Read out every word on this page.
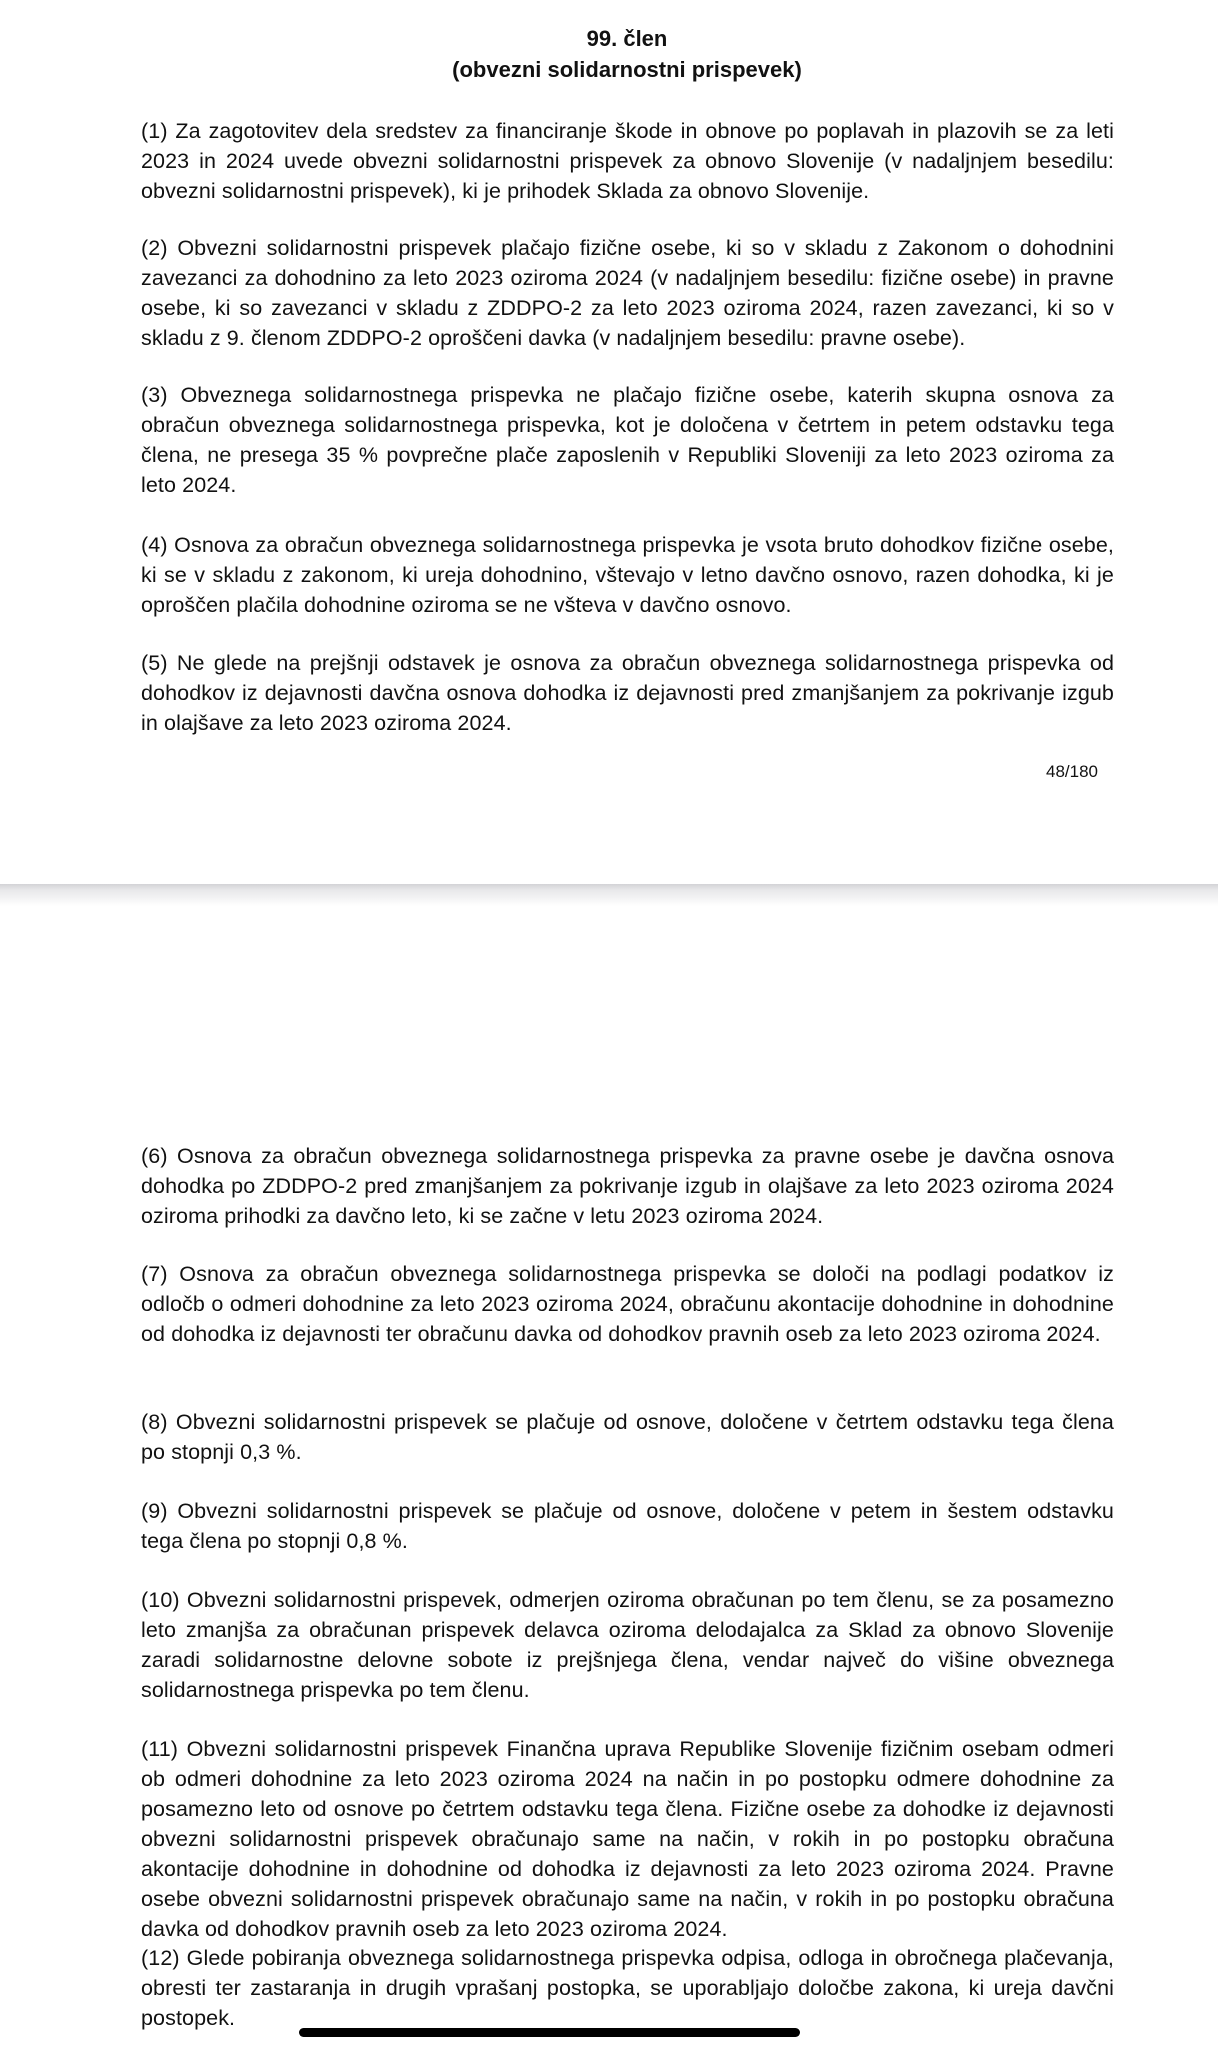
99. člen

(obvezni solidarnostni prispevek)

(1) Za zagotovitev dela sredstev za financiranje škode in obnove po poplavah in plazovih se za leti 2023 in 2024 uvede obvezni solidarnostni prispevek za obnovo Slovenije (v nadaljnjem besedilu: obvezni solidarnostni prispevek), ki je prihodek Sklada za obnovo Slovenije.

(2) Obvezni solidarnostni prispevek plačajo fizične osebe, ki so v skladu z Zakonom o dohodnini zavezanci za dohodnino za leto 2023 oziroma 2024 (v nadaljnjem besedilu: fizične osebe) in pravne osebe, ki so zavezanci v skladu z ZDDPO-2 za leto 2023 oziroma 2024, razen zavezanci, ki so v skladu z 9. členom ZDDPO-2 oproščeni davka (v nadaljnjem besedilu: pravne osebe).

(3) Obveznega solidarnostnega prispevka ne plačajo fizične osebe, katerih skupna osnova za obračun obveznega solidarnostnega prispevka, kot je določena v četrtem in petem odstavku tega člena, ne presega 35 % povprečne plače zaposlenih v Republiki Sloveniji za leto 2023 oziroma za leto 2024.

(4) Osnova za obračun obveznega solidarnostnega prispevka je vsota bruto dohodkov fizične osebe, ki se v skladu z zakonom, ki ureja dohodnino, vštevajo v letno davčno osnovo, razen dohodka, ki je oproščen plačila dohodnine oziroma se ne všteva v davčno osnovo.

(5) Ne glede na prejšnji odstavek je osnova za obračun obveznega solidarnostnega prispevka od dohodkov iz dejavnosti davčna osnova dohodka iz dejavnosti pred zmanjšanjem za pokrivanje izgub in olajšave za leto 2023 oziroma 2024.

48/180

(6) Osnova za obračun obveznega solidarnostnega prispevka za pravne osebe je davčna osnova dohodka po ZDDPO-2 pred zmanjšanjem za pokrivanje izgub in olajšave za leto 2023 oziroma 2024 oziroma prihodki za davčno leto, ki se začne v letu 2023 oziroma 2024.

(7) Osnova za obračun obveznega solidarnostnega prispevka se določi na podlagi podatkov iz odločb o odmeri dohodnine za leto 2023 oziroma 2024, obračunu akontacije dohodnine in dohodnine od dohodka iz dejavnosti ter obračunu davka od dohodkov pravnih oseb za leto 2023 oziroma 2024.

(8) Obvezni solidarnostni prispevek se plačuje od osnove, določene v četrtem odstavku tega člena po stopnji 0,3 %.

(9) Obvezni solidarnostni prispevek se plačuje od osnove, določene v petem in šestem odstavku tega člena po stopnji 0,8 %.

(10) Obvezni solidarnostni prispevek, odmerjen oziroma obračunan po tem členu, se za posamezno leto zmanjša za obračunan prispevek delavca oziroma delodajalca za Sklad za obnovo Slovenije zaradi solidarnostne delovne sobote iz prejšnjega člena, vendar največ do višine obveznega solidarnostnega prispevka po tem členu.

(11) Obvezni solidarnostni prispevek Finančna uprava Republike Slovenije fizičnim osebam odmeri ob odmeri dohodnine za leto 2023 oziroma 2024 na način in po postopku odmere dohodnine za posamezno leto od osnove po četrtem odstavku tega člena. Fizične osebe za dohodke iz dejavnosti obvezni solidarnostni prispevek obračunajo same na način, v rokih in po postopku obračuna akontacije dohodnine in dohodnine od dohodka iz dejavnosti za leto 2023 oziroma 2024. Pravne osebe obvezni solidarnostni prispevek obračunajo same na način, v rokih in po postopku obračuna davka od dohodkov pravnih oseb za leto 2023 oziroma 2024.

(12) Glede pobiranja obveznega solidarnostnega prispevka odpisa, odloga in obročnega plačevanja, obresti ter zastaranja in drugih vprašanj postopka, se uporabljajo določbe zakona, ki ureja davčni postopek.
